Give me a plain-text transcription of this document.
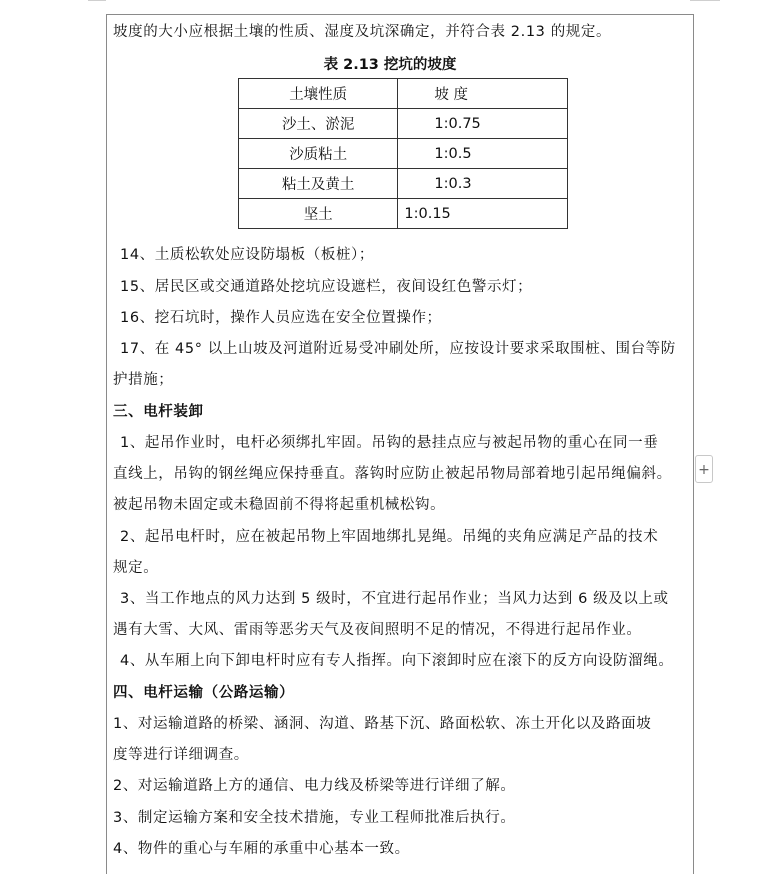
坡度的大小应根据土壤的性质、湿度及坑深确定，并符合表 2.13 的规定。
表 2.13 挖坑的坡度
土壤性质	坡 度
沙土、淤泥	1:0.75
沙质粘土	1:0.5
粘土及黄土	1:0.3
坚土	1:0.15
14、土质松软处应设防塌板（板桩）；
15、居民区或交通道路处挖坑应设遮栏，夜间设红色警示灯；
16、挖石坑时，操作人员应选在安全位置操作；
17、在 45° 以上山坡及河道附近易受冲刷处所，应按设计要求采取围桩、围台等防
护措施；
三、电杆装卸
1、起吊作业时，电杆必须绑扎牢固。吊钩的悬挂点应与被起吊物的重心在同一垂
直线上，吊钩的钢丝绳应保持垂直。落钩时应防止被起吊物局部着地引起吊绳偏斜。
被起吊物未固定或未稳固前不得将起重机械松钩。
2、起吊电杆时，应在被起吊物上牢固地绑扎晃绳。吊绳的夹角应满足产品的技术
规定。
3、当工作地点的风力达到 5 级时，不宜进行起吊作业；当风力达到 6 级及以上或
遇有大雪、大风、雷雨等恶劣天气及夜间照明不足的情况，不得进行起吊作业。
4、从车厢上向下卸电杆时应有专人指挥。向下滚卸时应在滚下的反方向设防溜绳。
四、电杆运输（公路运输）
1、对运输道路的桥梁、涵洞、沟道、路基下沉、路面松软、冻土开化以及路面坡
度等进行详细调查。
2、对运输道路上方的通信、电力线及桥梁等进行详细了解。
3、制定运输方案和安全技术措施，专业工程师批准后执行。
4、物件的重心与车厢的承重中心基本一致。
+
